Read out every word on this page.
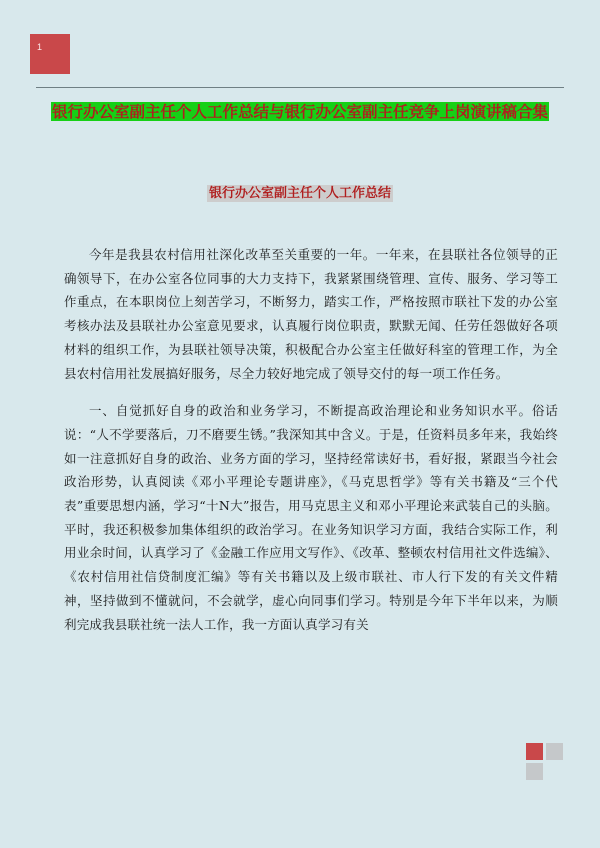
1
银行办公室副主任个人工作总结与银行办公室副主任竞争上岗演讲稿合集
银行办公室副主任个人工作总结

今年是我县农村信用社深化改革至关重要的一年。一年来，在县联社各位领导的正确领导下，在办公室各位同事的大力支持下，我紧紧围绕管理、宣传、服务、学习等工作重点，在本职岗位上刻苦学习，不断努力，踏实工作，严格按照市联社下发的办公室考核办法及县联社办公室意见要求，认真履行岗位职责，默默无闻、任劳任怨做好各项材料的组织工作，为县联社领导决策，积极配合办公室主任做好科室的管理工作，为全县农村信用社发展搞好服务，尽全力较好地完成了领导交付的每一项工作任务。

一、自觉抓好自身的政治和业务学习，不断提高政治理论和业务知识水平。俗话说：“人不学要落后，刀不磨要生锈。”我深知其中含义。于是，任资料员多年来，我始终如一注意抓好自身的政治、业务方面的学习，坚持经常读好书，看好报，紧跟当今社会政治形势，认真阅读《邓小平理论专题讲座》，《马克思哲学》等有关书籍及“三个代表”重要思想内涵，学习“十N大”报告，用马克思主义和邓小平理论来武装自己的头脑。平时，我还积极参加集体组织的政治学习。在业务知识学习方面，我结合实际工作，利用业余时间，认真学习了《金融工作应用文写作》、《改革、整顿农村信用社文件选编》、《农村信用社信贷制度汇编》等有关书籍以及上级市联社、市人行下发的有关文件精神，坚持做到不懂就问，不会就学，虚心向同事们学习。特别是今年下半年以来，为顺利完成我县联社统一法人工作，我一方面认真学习有关
